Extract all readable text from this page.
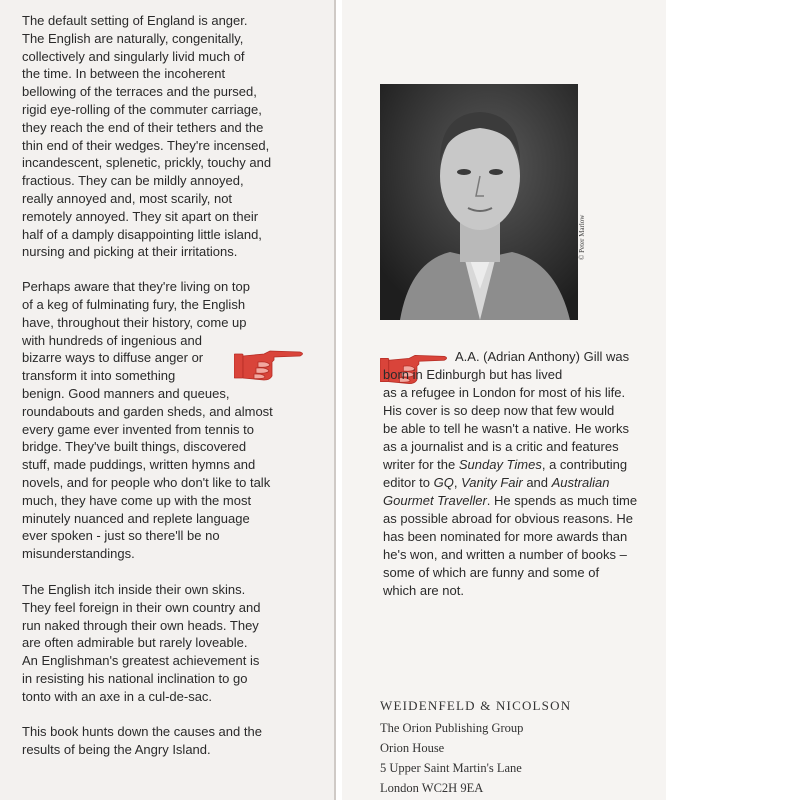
The default setting of England is anger.
The English are naturally, congenitally,
collectively and singularly livid much of
the time. In between the incoherent
bellowing of the terraces and the pursed,
rigid eye-rolling of the commuter carriage,
they reach the end of their tethers and the
thin end of their wedges. They're incensed,
incandescent, splenetic, prickly, touchy and
fractious. They can be mildly annoyed,
really annoyed and, most scarily, not
remotely annoyed. They sit apart on their
half of a damply disappointing little island,
nursing and picking at their irritations.

Perhaps aware that they're living on top
of a keg of fulminating fury, the English
have, throughout their history, come up
with hundreds of ingenious and
bizarre ways to diffuse anger or
transform it into something
benign. Good manners and queues,
roundabouts and garden sheds, and almost
every game ever invented from tennis to
bridge. They've built things, discovered
stuff, made puddings, written hymns and
novels, and for people who don't like to talk
much, they have come up with the most
minutely nuanced and replete language
ever spoken - just so there'll be no
misunderstandings.

The English itch inside their own skins.
They feel foreign in their own country and
run naked through their own heads. They
are often admirable but rarely loveable.
An Englishman's greatest achievement is
in resisting his national inclination to go
tonto with an axe in a cul-de-sac.

This book hunts down the causes and the
results of being the Angry Island.

© Peter Marlow
A.A. (Adrian Anthony) Gill was
born in Edinburgh but has lived
as a refugee in London for most of his life.
His cover is so deep now that few would
be able to tell he wasn't a native. He works
as a journalist and is a critic and features
writer for the Sunday Times, a contributing
editor to GQ, Vanity Fair and Australian
Gourmet Traveller. He spends as much time
as possible abroad for obvious reasons. He
has been nominated for more awards than
he's won, and written a number of books –
some of which are funny and some of
which are not.
WEIDENFELD & NICOLSON
The Orion Publishing Group
Orion House
5 Upper Saint Martin's Lane
London WC2H 9EA
